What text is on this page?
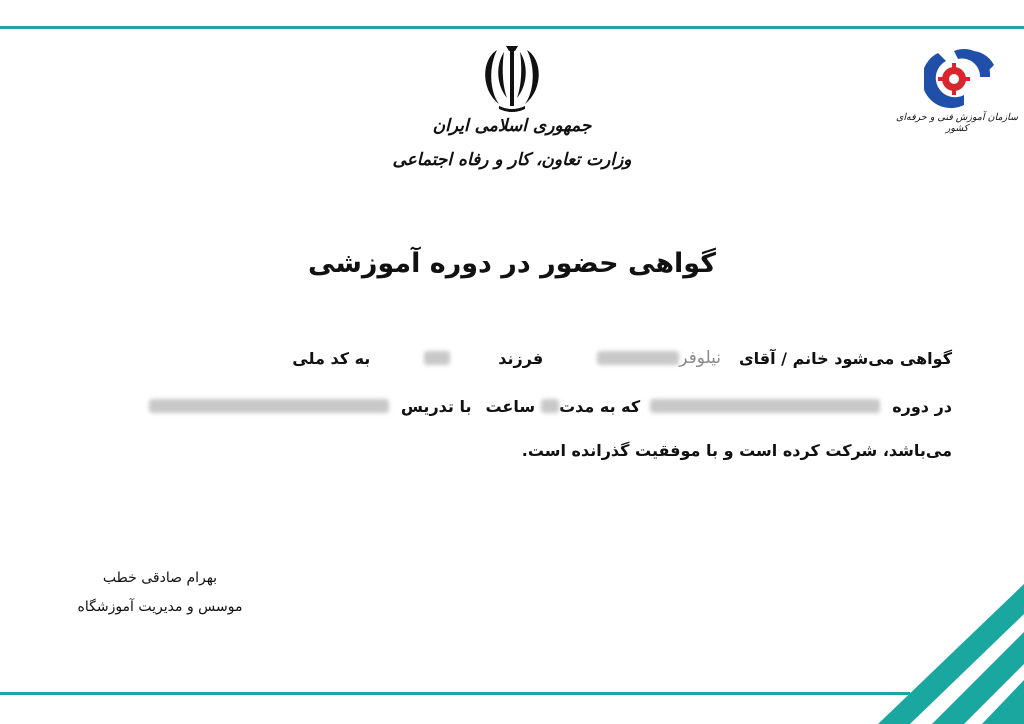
جمهوری اسلامی ایران
وزارت تعاون، کار و رفاه اجتماعی
سازمان آموزش فنی و حرفه‌ای کشور
گواهی حضور در دوره آموزشی
گواهی می‌شود خانم / آقای
نیلوفر
فرزند
به کد ملی
در دوره
که به مدت
ساعت
با تدریس
می‌باشد، شرکت کرده است و با موفقیت گذرانده است.
بهرام صادقی خطب
موسس و مدیریت آموزشگاه
